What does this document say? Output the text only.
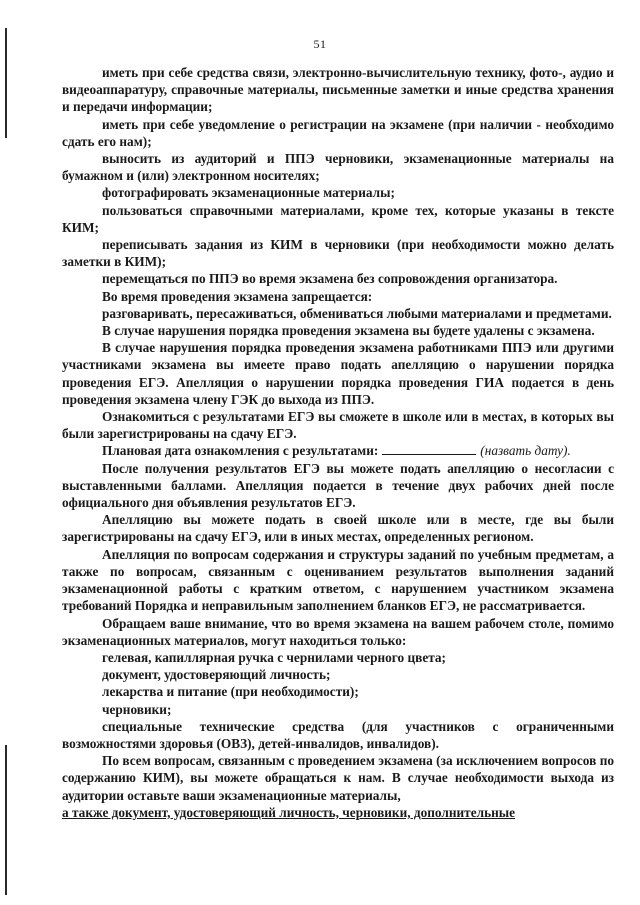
51

иметь при себе средства связи, электронно-вычислительную технику, фото-, аудио и видеоаппаратуру, справочные материалы, письменные заметки и иные средства хранения и передачи информации;

иметь при себе уведомление о регистрации на экзамене (при наличии - необходимо сдать его нам);

выносить из аудиторий и ППЭ черновики, экзаменационные материалы на бумажном и (или) электронном носителях;

фотографировать экзаменационные материалы;

пользоваться справочными материалами, кроме тех, которые указаны в тексте КИМ;

переписывать задания из КИМ в черновики (при необходимости можно делать заметки в КИМ);

перемещаться по ППЭ во время экзамена без сопровождения организатора.

Во время проведения экзамена запрещается:

разговаривать, пересаживаться, обмениваться любыми материалами и предметами.

В случае нарушения порядка проведения экзамена вы будете удалены с экзамена.

В случае нарушения порядка проведения экзамена работниками ППЭ или другими участниками экзамена вы имеете право подать апелляцию о нарушении порядка проведения ЕГЭ. Апелляция о нарушении порядка проведения ГИА подается в день проведения экзамена члену ГЭК до выхода из ППЭ.

Ознакомиться с результатами ЕГЭ вы сможете в школе или в местах, в которых вы были зарегистрированы на сдачу ЕГЭ.

Плановая дата ознакомления с результатами:	(назвать дату).

После получения результатов ЕГЭ вы можете подать апелляцию о несогласии с выставленными баллами. Апелляция подается в течение двух рабочих дней после официального дня объявления результатов ЕГЭ.

Апелляцию вы можете подать в своей школе или в месте, где вы были зарегистрированы на сдачу ЕГЭ, или в иных местах, определенных регионом.

Апелляция по вопросам содержания и структуры заданий по учебным предметам, а также по вопросам, связанным с оцениванием результатов выполнения заданий экзаменационной работы с кратким ответом, с нарушением участником экзамена требований Порядка и неправильным заполнением бланков ЕГЭ, не рассматривается.

Обращаем ваше внимание, что во время экзамена на вашем рабочем столе, помимо экзаменационных материалов, могут находиться только:

гелевая, капиллярная ручка с чернилами черного цвета;

документ, удостоверяющий личность;

лекарства и питание (при необходимости);

черновики;

специальные технические средства (для участников с ограниченными возможностями здоровья (ОВЗ), детей-инвалидов, инвалидов).

По всем вопросам, связанным с проведением экзамена (за исключением вопросов по содержанию КИМ), вы можете обращаться к нам. В случае необходимости выхода из аудитории оставьте ваши экзаменационные материалы,

а также документ, удостоверяющий личность, черновики, дополнительные
